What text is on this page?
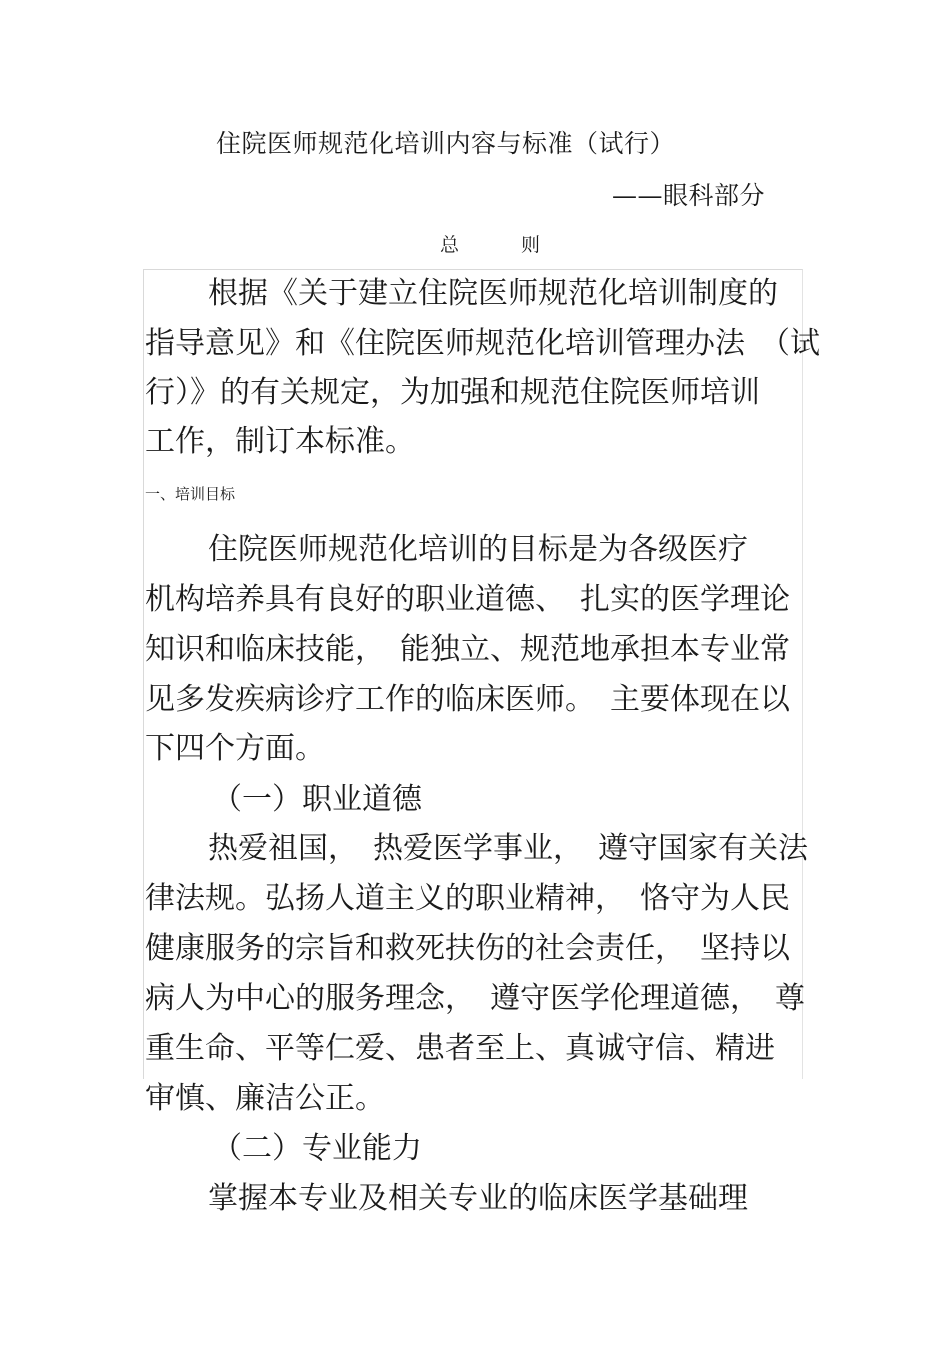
住院医师规范化培训内容与标准（试行）
——眼科部分
总 则
根据《关于建立住院医师规范化培训制度的
指导意见》和《住院医师规范化培训管理办法　（试
行）》的有关规定，为加强和规范住院医师培训
工作，制订本标准。
一、培训目标
住院医师规范化培训的目标是为各级医疗
机构培养具有良好的职业道德、　扎实的医学理论
知识和临床技能，　能独立、规范地承担本专业常
见多发疾病诊疗工作的临床医师。　主要体现在以
下四个方面。
（一）职业道德
热爱祖国，　热爱医学事业，　遵守国家有关法
律法规。弘扬人道主义的职业精神，　恪守为人民
健康服务的宗旨和救死扶伤的社会责任，　坚持以
病人为中心的服务理念，　遵守医学伦理道德，　尊
重生命、平等仁爱、患者至上、真诚守信、精进
审慎、廉洁公正。
（二）专业能力
掌握本专业及相关专业的临床医学基础理
